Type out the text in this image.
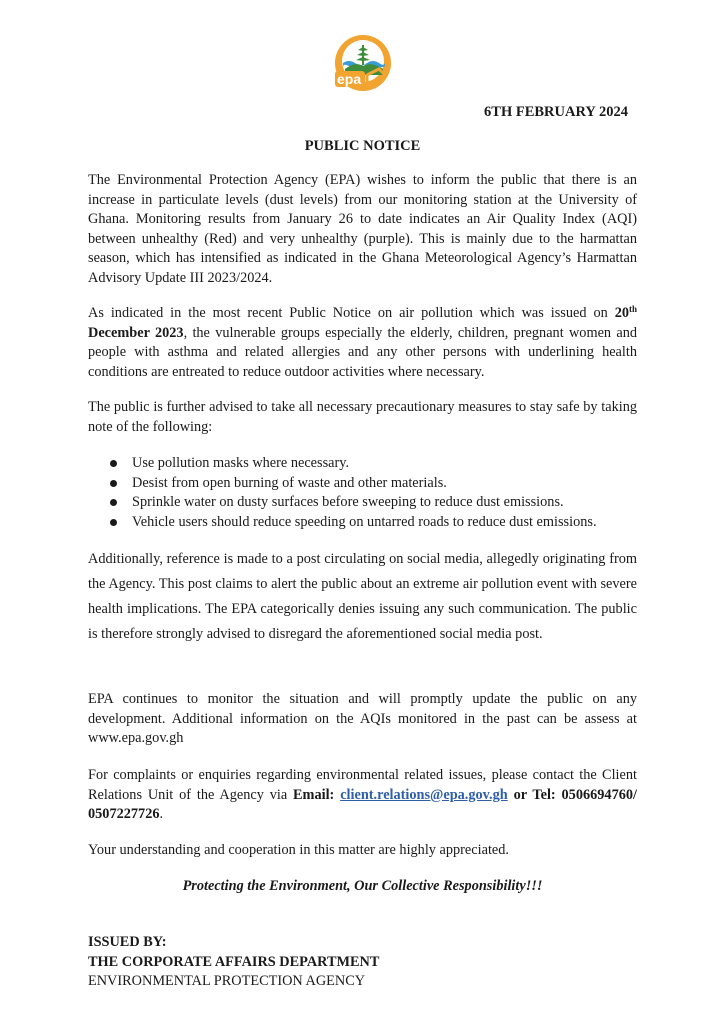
epa
6TH FEBRUARY 2024
PUBLIC NOTICE
The Environmental Protection Agency (EPA) wishes to inform the public that there is an increase in particulate levels (dust levels) from our monitoring station at the University of Ghana. Monitoring results from January 26 to date indicates an Air Quality Index (AQI) between unhealthy (Red) and very unhealthy (purple). This is mainly due to the harmattan season, which has intensified as indicated in the Ghana Meteorological Agency’s Harmattan Advisory Update III 2023/2024.
As indicated in the most recent Public Notice on air pollution which was issued on 20th December 2023, the vulnerable groups especially the elderly, children, pregnant women and people with asthma and related allergies and any other persons with underlining health conditions are entreated to reduce outdoor activities where necessary.
The public is further advised to take all necessary precautionary measures to stay safe by taking note of the following:
Use pollution masks where necessary.
Desist from open burning of waste and other materials.
Sprinkle water on dusty surfaces before sweeping to reduce dust emissions.
Vehicle users should reduce speeding on untarred roads to reduce dust emissions.
Additionally, reference is made to a post circulating on social media, allegedly originating from the Agency. This post claims to alert the public about an extreme air pollution event with severe health implications. The EPA categorically denies issuing any such communication. The public is therefore strongly advised to disregard the aforementioned social media post.
EPA continues to monitor the situation and will promptly update the public on any development. Additional information on the AQIs monitored in the past can be assess at www.epa.gov.gh
For complaints or enquiries regarding environmental related issues, please contact the Client Relations Unit of the Agency via Email: client.relations@epa.gov.gh or Tel: 0506694760/ 0507227726.
Your understanding and cooperation in this matter are highly appreciated.
Protecting the Environment, Our Collective Responsibility!!!
ISSUED BY:
THE CORPORATE AFFAIRS DEPARTMENT
ENVIRONMENTAL PROTECTION AGENCY
